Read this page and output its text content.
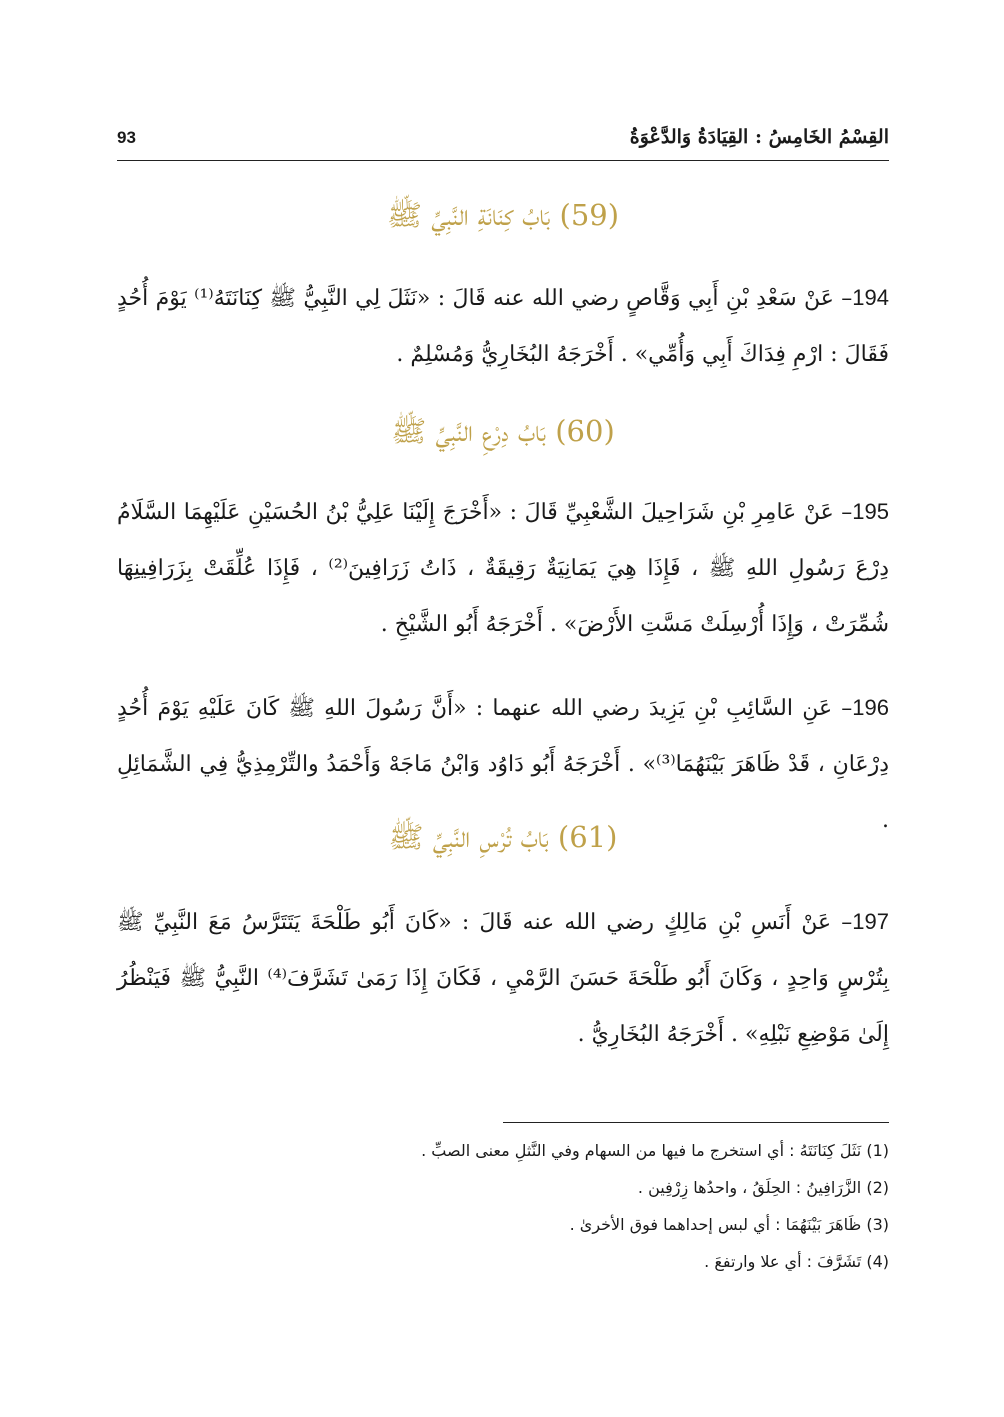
القِسْمُ الخَامِسُ : القِيَادَةُ وَالدَّعْوَةُ
93
(59) بَابُ كِنَانَةِ النَّبِيِّ ﷺ

194– عَنْ سَعْدِ بْنِ أَبِي وَقَّاصٍ رضي الله عنه قَالَ : «نَثَلَ لِي النَّبِيُّ ﷺ كِنَانَتَهُ⁽¹⁾ يَوْمَ أُحُدٍ فَقَالَ : ارْمِ فِدَاكَ أَبِي وَأُمِّي» . أَخْرَجَهُ البُخَارِيُّ وَمُسْلِمٌ .

(60) بَابُ دِرْعِ النَّبِيِّ ﷺ

195– عَنْ عَامِرِ بْنِ شَرَاحِيلَ الشَّعْبِيِّ قَالَ : «أَخْرَجَ إِلَيْنَا عَلِيُّ بْنُ الحُسَيْنِ عَلَيْهِمَا السَّلَامُ دِرْعَ رَسُولِ اللهِ ﷺ ، فَإِذَا هِيَ يَمَانِيَةٌ رَقِيقَةٌ ، ذَاتُ زَرَافِينَ⁽²⁾ ، فَإِذَا عُلِّقَتْ بِزَرَافِينِهَا شُمِّرَتْ ، وَإِذَا أُرْسِلَتْ مَسَّتِ الأَرْضَ» . أَخْرَجَهُ أَبُو الشَّيْخِ .

196– عَنِ السَّائِبِ بْنِ يَزِيدَ رضي الله عنهما : «أَنَّ رَسُولَ اللهِ ﷺ كَانَ عَلَيْهِ يَوْمَ أُحُدٍ دِرْعَانِ ، قَدْ ظَاهَرَ بَيْنَهُمَا⁽³⁾» . أَخْرَجَهُ أَبُو دَاوُد وَابْنُ مَاجَهْ وَأَحْمَدُ والتِّرْمِذِيُّ فِي الشَّمَائِلِ .

(61) بَابُ تُرْسِ النَّبِيِّ ﷺ

197– عَنْ أَنَسِ بْنِ مَالِكٍ رضي الله عنه قَالَ : «كَانَ أَبُو طَلْحَةَ يَتَتَرَّسُ مَعَ النَّبِيِّ ﷺ بِتُرْسٍ وَاحِدٍ ، وَكَانَ أَبُو طَلْحَةَ حَسَنَ الرَّمْيِ ، فَكَانَ إِذَا رَمَىٰ تَشَرَّفَ⁽⁴⁾ النَّبِيُّ ﷺ فَيَنْظُرُ إِلَىٰ مَوْضِعِ نَبْلِهِ» . أَخْرَجَهُ البُخَارِيُّ .

(1) نَثَلَ كِنَانَتَهُ : أي استخرج ما فيها من السهام وفي النَّثلِ معنى الصبِّ .
(2) الزَّرَافِينُ : الحِلَقُ ، واحدُها زِرْفِين .
(3) ظَاهَرَ بَيْنَهُمَا : أي لبس إحداهما فوق الأخرىٰ .
(4) تَشَرَّفَ : أي علا وارتفعَ .
